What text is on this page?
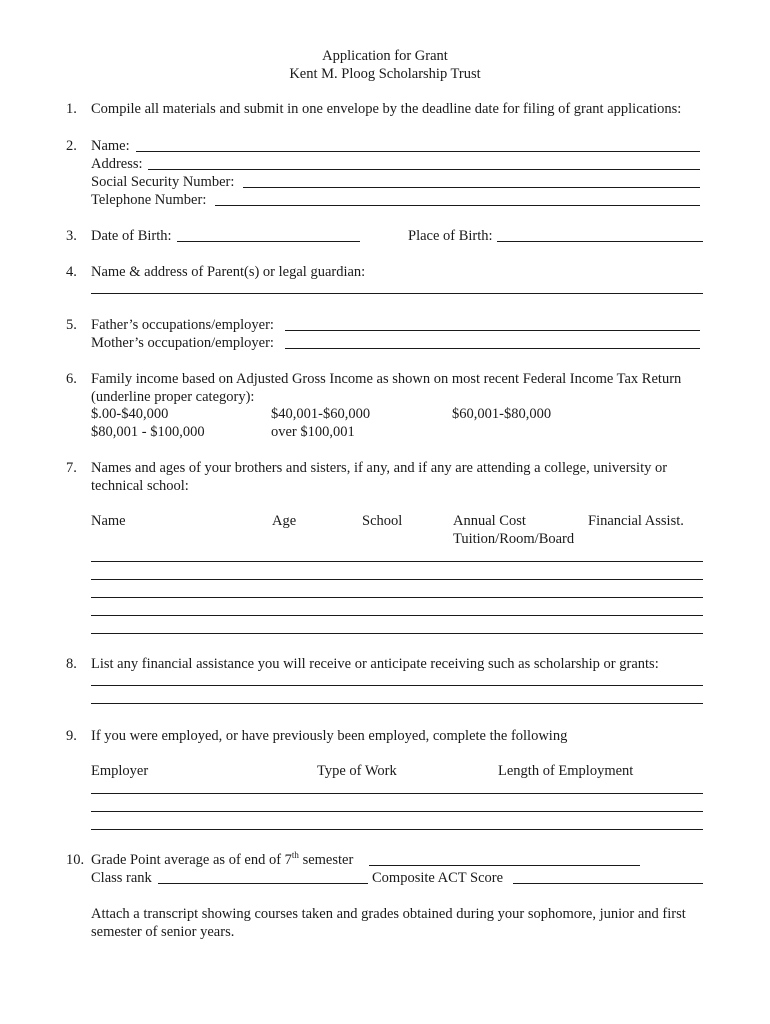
Application for Grant
Kent M. Ploog Scholarship Trust
1. Compile all materials and submit in one envelope by the deadline date for filing of grant applications:
2. Name:
Address:
Social Security Number:
Telephone Number:
3. Date of Birth:	Place of Birth:
4. Name & address of Parent(s) or legal guardian:
5. Father’s occupations/employer:
Mother’s occupation/employer:
6. Family income based on Adjusted Gross Income as shown on most recent Federal Income Tax Return
(underline proper category):
$.00-$40,000	$40,001-$60,000	$60,001-$80,000
$80,001 - $100,000	over $100,001
7. Names and ages of your brothers and sisters, if any, and if any are attending a college, university or
technical school:
Name	Age	School	Annual Cost	Financial Assist.
Tuition/Room/Board
8. List any financial assistance you will receive or anticipate receiving such as scholarship or grants:
9. If you were employed, or have previously been employed, complete the following
Employer	Type of Work	Length of Employment
10. Grade Point average as of end of 7th semester
Class rank	Composite ACT Score
Attach a transcript showing courses taken and grades obtained during your sophomore, junior and first
semester of senior years.
